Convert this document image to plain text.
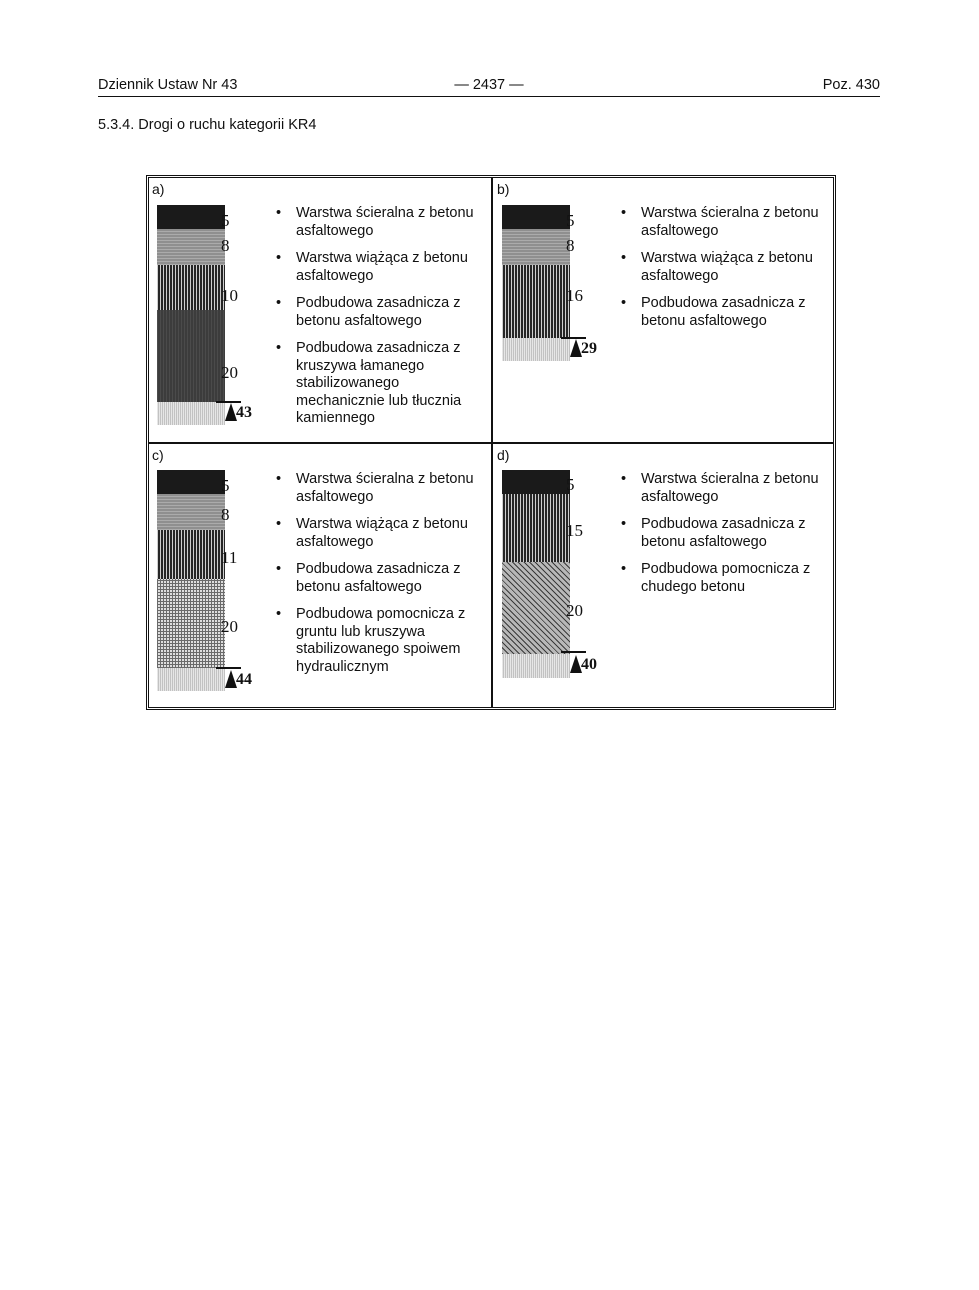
Dziennik Ustaw Nr 43	— 2437 —	Poz. 430
5.3.4. Drogi o ruchu kategorii KR4
a)
5
8
10
20
43
• Warstwa ścieralna z betonu asfaltowego
• Warstwa wiążąca z betonu asfaltowego
• Podbudowa zasadnicza z betonu asfaltowego
• Podbudowa zasadnicza z kruszywa łamanego stabilizowanego mechanicznie lub tłucznia kamiennego
b)
5
8
16
29
• Warstwa ścieralna z betonu asfaltowego
• Warstwa wiążąca z betonu asfaltowego
• Podbudowa zasadnicza z betonu asfaltowego
c)
5
8
11
20
44
• Warstwa ścieralna z betonu asfaltowego
• Warstwa wiążąca z betonu asfaltowego
• Podbudowa zasadnicza z betonu asfaltowego
• Podbudowa pomocnicza z gruntu lub kruszywa stabilizowanego spoiwem hydraulicznym
d)
5
15
20
40
• Warstwa ścieralna z betonu asfaltowego
• Podbudowa zasadnicza z betonu asfaltowego
• Podbudowa pomocnicza z chudego betonu
